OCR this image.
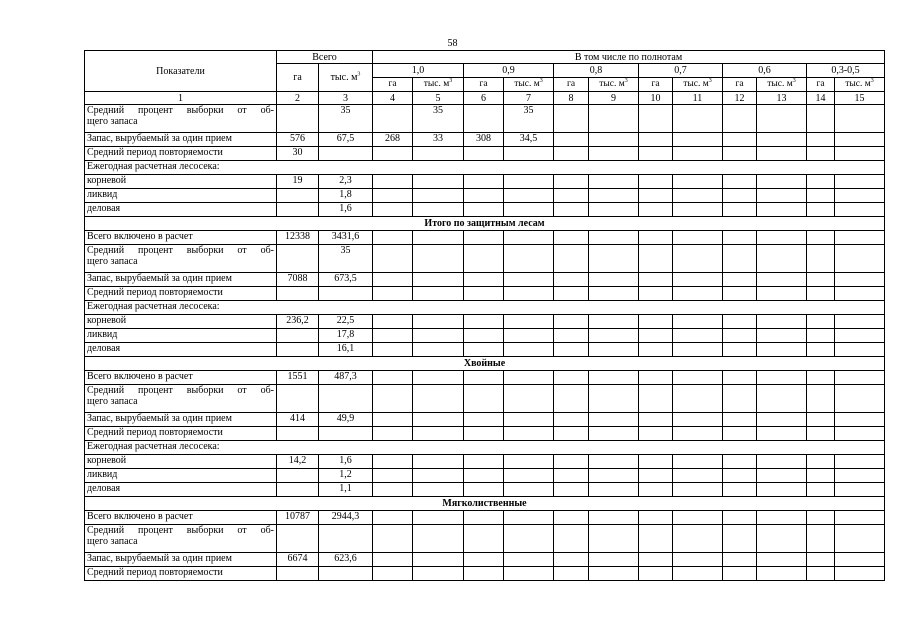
58
Показатели	Всего		В том числе по полнотам											
	га	тыс. $м^3$	1,0		0,9		0,8		0,7		0,6		0,3-0,5	
			га	тыс. $м^3$	га	тыс. $м^3$	га	тыс. $м^3$	га	тыс. $м^3$	га	тыс. $м^3$	га	тыс. $м^3$
1	2	3	4	5	6	7	8	9	10	11	12	13	14	15

Средний процент выборки от об-
щего запаса		35		35		35								
Запас, вырубаемый за один прием	576	67,5	268	33	308	34,5								
Средний период повторяемости	30													
Ежегодная расчетная лесосека:														
корневой	19	2,3												
ликвид		1,8												
деловая		1,6												
Итого по защитным лесам														
Всего включено в расчет	12338	3431,6												

Средний процент выборки от об-
щего запаса		35												
Запас, вырубаемый за один прием	7088	673,5												
Средний период повторяемости														
Ежегодная расчетная лесосека:														
корневой	236,2	22,5												
ликвид		17,8												
деловая		16,1												
Хвойные														
Всего включено в расчет	1551	487,3												

Средний процент выборки от об-
щего запаса														

Запас, вырубаемый за один прием	414	49,9												
Средний период повторяемости														
Ежегодная расчетная лесосека:														
корневой	14,2	1,6												
ликвид		1,2												
деловая		1,1												
Мягколиственные														
Всего включено в расчет	10787	2944,3												

Средний процент выборки от об-
щего запаса														

Запас, вырубаемый за один прием	6674	623,6												
Средний период повторяемости														
